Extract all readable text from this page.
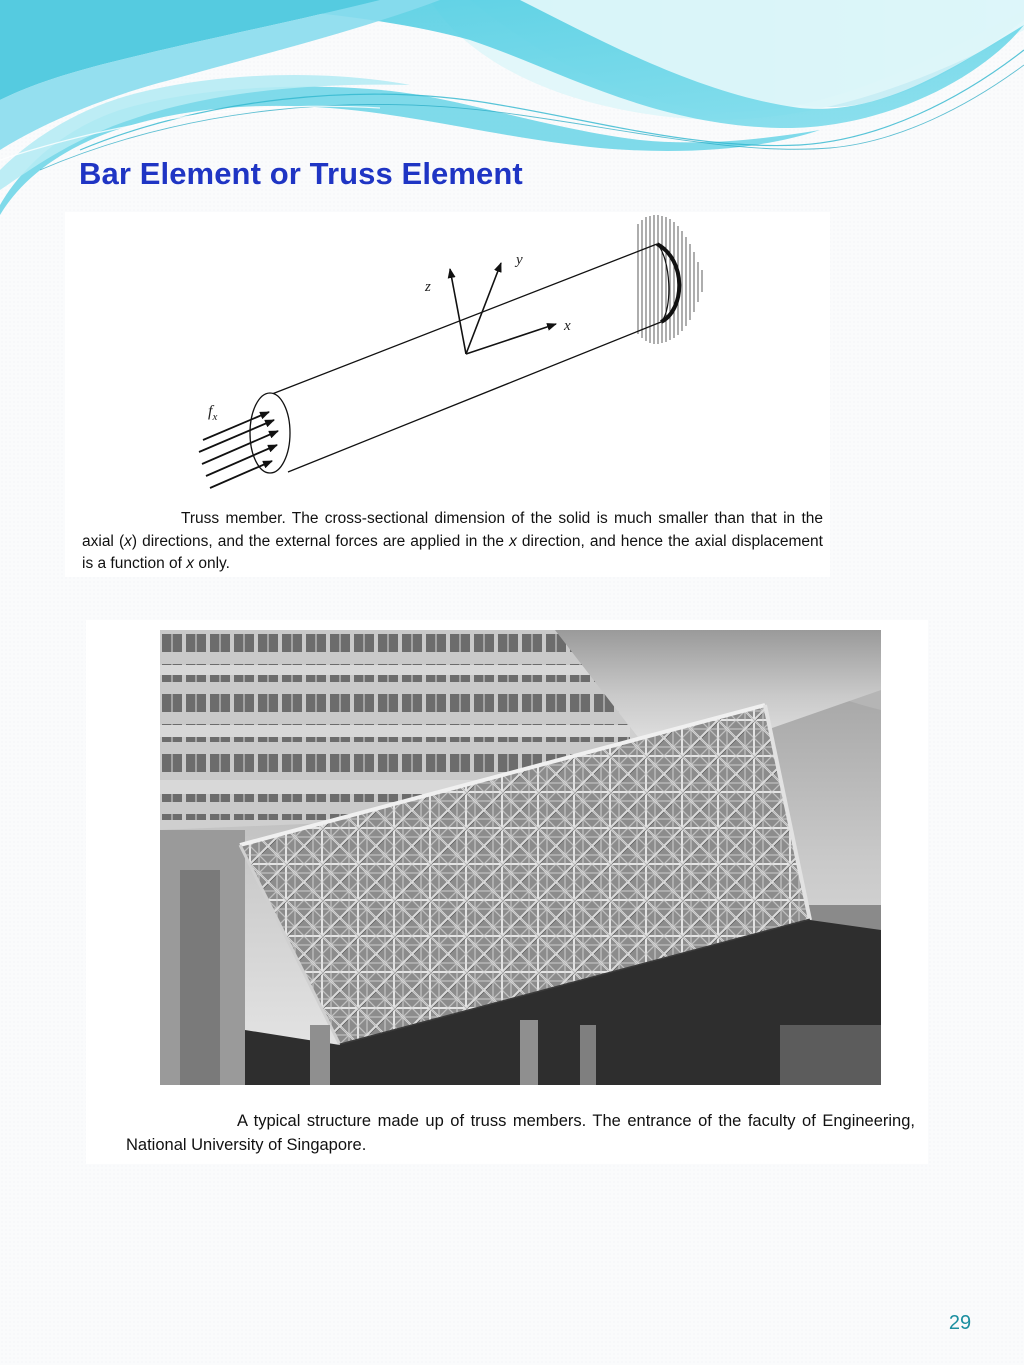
Bar Element or Truss Element
z
y
x
$f_x$

Truss member. The cross-sectional dimension of the solid is much smaller than that in the axial (x) directions, and the external forces are applied in the x direction, and hence the axial displacement is a function of x only.

A typical structure made up of truss members. The entrance of the faculty of Engineering, National University of Singapore.

29
